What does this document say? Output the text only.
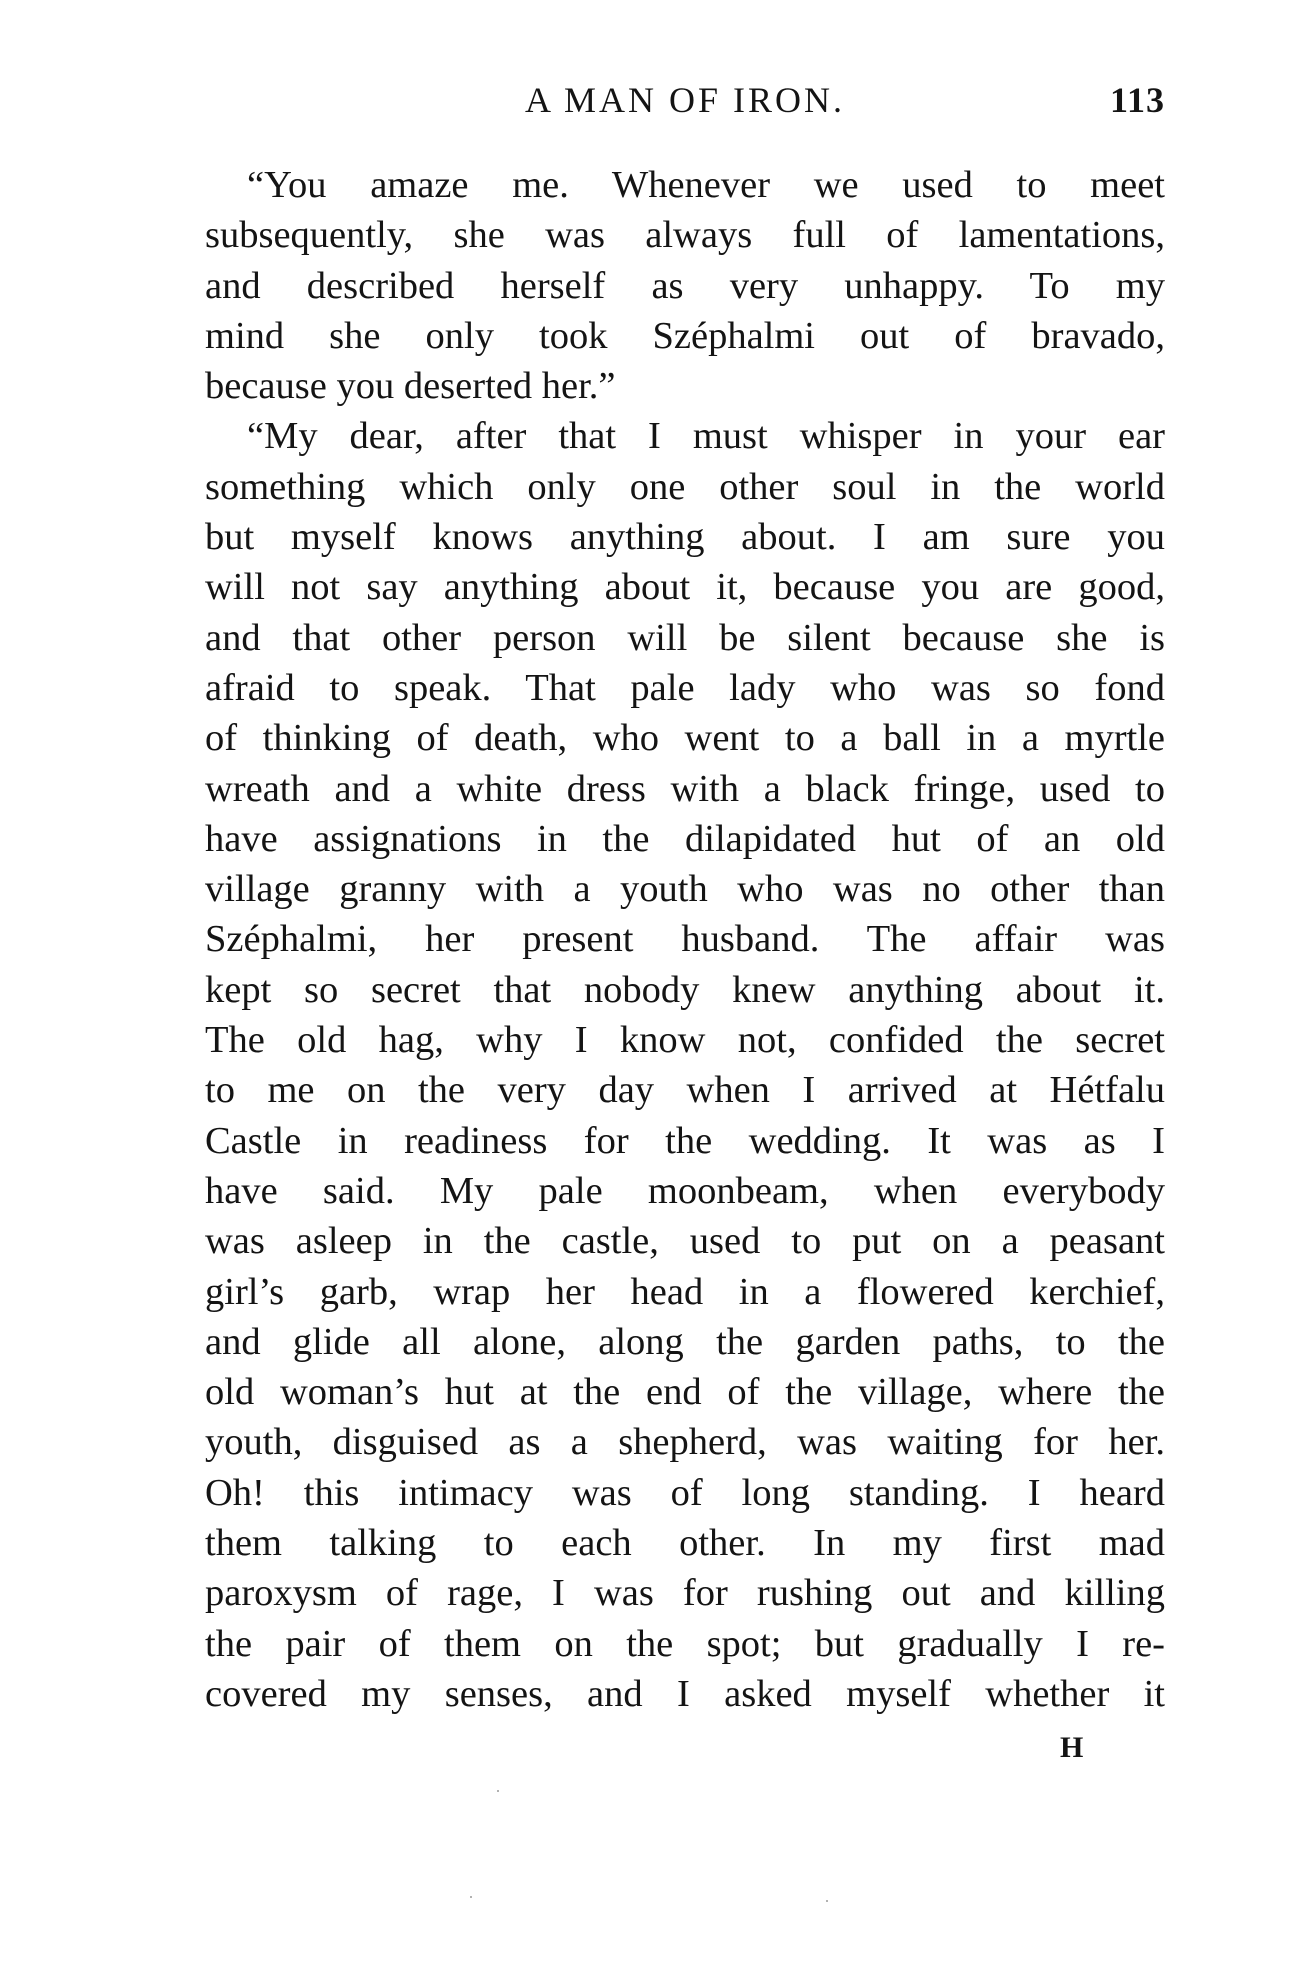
A MAN OF IRON.	113
“You amaze me. Whenever we used to meet
subsequently, she was always full of lamentations,
and described herself as very unhappy. To my
mind she only took Széphalmi out of bravado,
because you deserted her.”
“My dear, after that I must whisper in your ear
something which only one other soul in the world
but myself knows anything about. I am sure you
will not say anything about it, because you are good,
and that other person will be silent because she is
afraid to speak. That pale lady who was so fond
of thinking of death, who went to a ball in a myrtle
wreath and a white dress with a black fringe, used to
have assignations in the dilapidated hut of an old
village granny with a youth who was no other than
Széphalmi, her present husband. The affair was
kept so secret that nobody knew anything about it.
The old hag, why I know not, confided the secret
to me on the very day when I arrived at Hétfalu
Castle in readiness for the wedding. It was as I
have said. My pale moonbeam, when everybody
was asleep in the castle, used to put on a peasant
girl’s garb, wrap her head in a flowered kerchief,
and glide all alone, along the garden paths, to the
old woman’s hut at the end of the village, where the
youth, disguised as a shepherd, was waiting for her.
Oh! this intimacy was of long standing. I heard
them talking to each other. In my first mad
paroxysm of rage, I was for rushing out and killing
the pair of them on the spot; but gradually I re-
covered my senses, and I asked myself whether it
H
